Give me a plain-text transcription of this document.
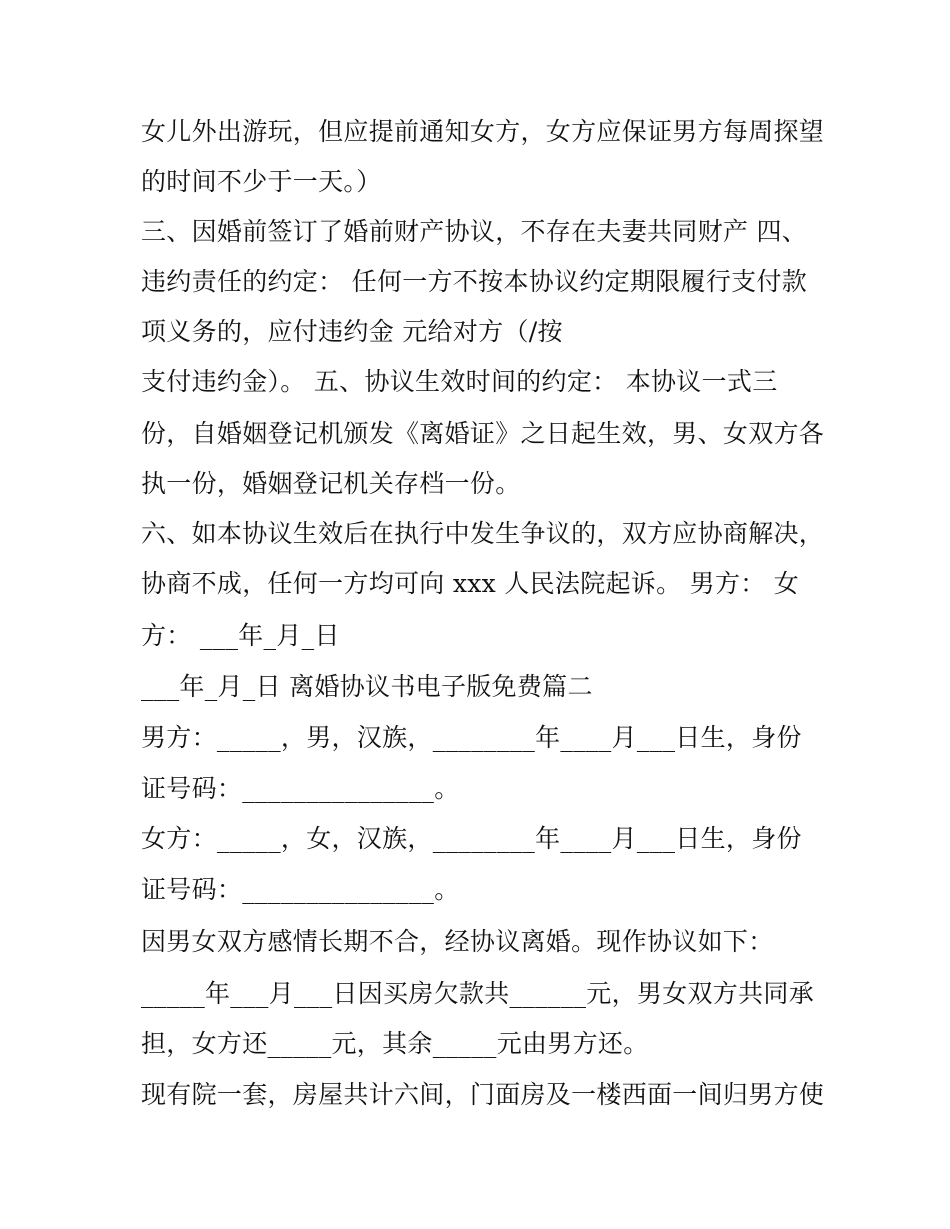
女儿外出游玩，但应提前通知女方，女方应保证男方每周探望
的时间不少于一天。）
三、因婚前签订了婚前财产协议，不存在夫妻共同财产 四、
违约责任的约定： 任何一方不按本协议约定期限履行支付款
项义务的，应付违约金 元给对方（/按
支付违约金）。 五、协议生效时间的约定： 本协议一式三
份，自婚姻登记机颁发《离婚证》之日起生效，男、女双方各
执一份，婚姻登记机关存档一份。
六、如本协议生效后在执行中发生争议的，双方应协商解决，
协商不成，任何一方均可向 xxx 人民法院起诉。 男方： 女
方： ___年_月_日
___年_月_日 离婚协议书电子版免费篇二
男方：_____，男，汉族，________年____月___日生，身份
证号码：_______________。
女方：_____，女，汉族，________年____月___日生，身份
证号码：_______________。
因男女双方感情长期不合，经协议离婚。现作协议如下：
_____年___月___日因买房欠款共______元，男女双方共同承
担，女方还_____元，其余_____元由男方还。
现有院一套，房屋共计六间，门面房及一楼西面一间归男方使
